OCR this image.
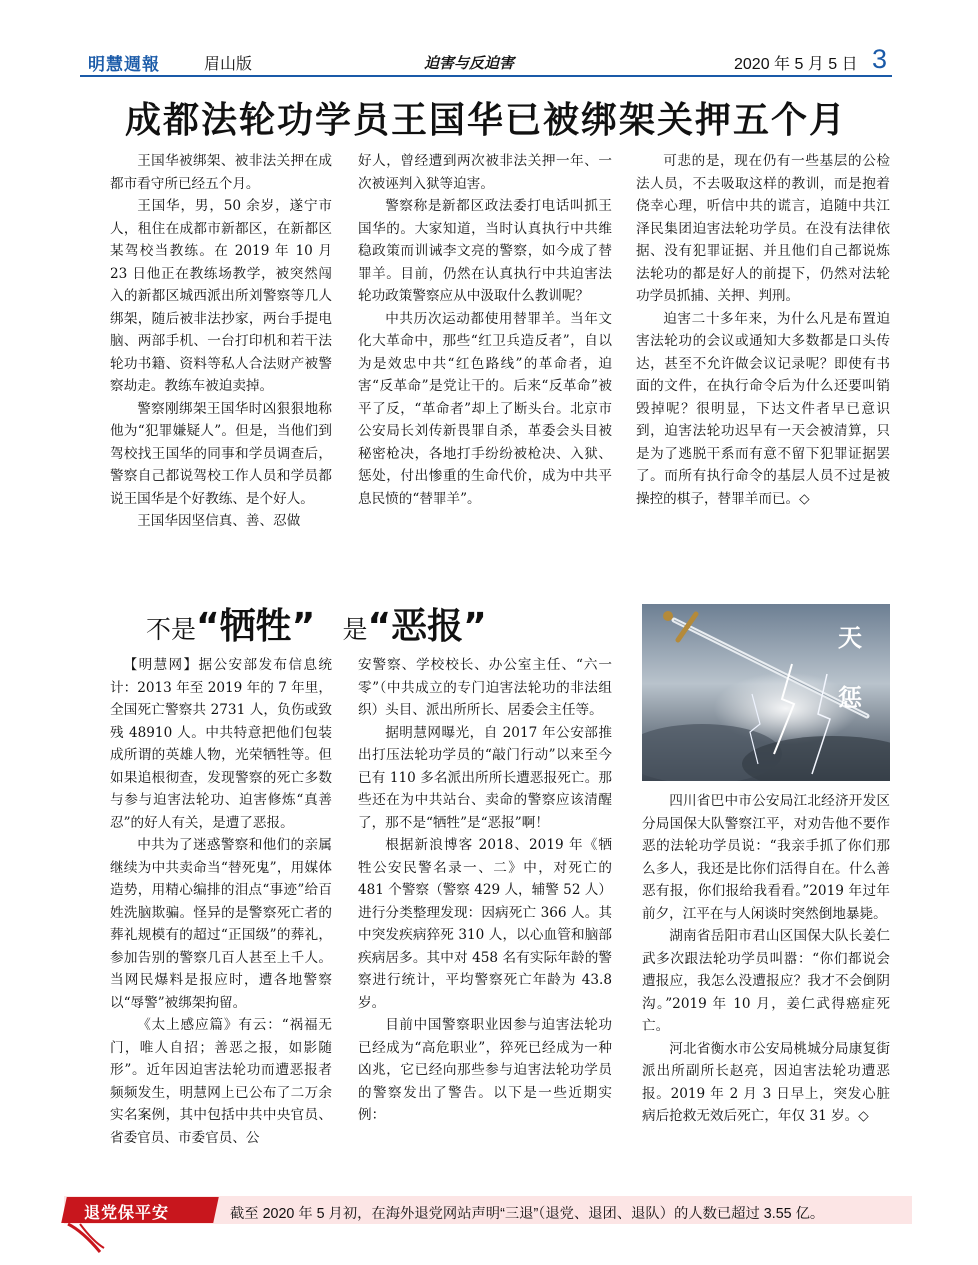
明慧週報	眉山版	迫害与反迫害	2020 年 5 月 5 日 3
成都法轮功学员王国华已被绑架关押五个月

王国华被绑架、被非法关押在成都市看守所已经五个月。

王国华，男，50 余岁，遂宁市人，租住在成都市新都区，在新都区某驾校当教练。在 2019 年 10 月 23 日他正在教练场教学，被突然闯入的新都区城西派出所刘警察等几人绑架，随后被非法抄家，两台手提电脑、两部手机、一台打印机和若干法轮功书籍、资料等私人合法财产被警察劫走。教练车被迫卖掉。

警察刚绑架王国华时凶狠狠地称他为“犯罪嫌疑人”。但是，当他们到驾校找王国华的同事和学员调查后，警察自己都说驾校工作人员和学员都说王国华是个好教练、是个好人。

王国华因坚信真、善、忍做

好人，曾经遭到两次被非法关押一年、一次被诬判入狱等迫害。

警察称是新都区政法委打电话叫抓王国华的。大家知道，当时认真执行中共维稳政策而训诫李文亮的警察，如今成了替罪羊。目前，仍然在认真执行中共迫害法轮功政策警察应从中汲取什么教训呢？

中共历次运动都使用替罪羊。当年文化大革命中，那些“红卫兵造反者”，自以为是效忠中共“红色路线”的革命者，迫害“反革命”是党让干的。后来“反革命”被平了反，“革命者”却上了断头台。北京市公安局长刘传新畏罪自杀，革委会头目被秘密枪决，各地打手纷纷被枪决、入狱、惩处，付出惨重的生命代价，成为中共平息民愤的“替罪羊”。

可悲的是，现在仍有一些基层的公检法人员，不去吸取这样的教训，而是抱着侥幸心理，听信中共的谎言，追随中共江泽民集团迫害法轮功学员。在没有法律依据、没有犯罪证据、并且他们自己都说炼法轮功的都是好人的前提下，仍然对法轮功学员抓捕、关押、判刑。

迫害二十多年来，为什么凡是布置迫害法轮功的会议或通知大多数都是口头传达，甚至不允许做会议记录呢？即使有书面的文件，在执行命令后为什么还要叫销毁掉呢？很明显，下达文件者早已意识到，迫害法轮功迟早有一天会被清算，只是为了逃脱干系而有意不留下犯罪证据罢了。而所有执行命令的基层人员不过是被操控的棋子，替罪羊而已。◇

不是“牺牲” 是“恶报”	天
惩

【明慧网】据公安部发布信息统计：2013 年至 2019 年的 7 年里，全国死亡警察共 2731 人，负伤或致残 48910 人。中共特意把他们包装成所谓的英雄人物，光荣牺牲等。但如果追根彻查，发现警察的死亡多数与参与迫害法轮功、迫害修炼“真善忍”的好人有关，是遭了恶报。

中共为了迷惑警察和他们的亲属继续为中共卖命当“替死鬼”，用媒体造势，用精心编排的泪点“事迹”给百姓洗脑欺骗。怪异的是警察死亡者的葬礼规模有的超过“正国级”的葬礼，参加告别的警察几百人甚至上千人。当网民爆料是报应时，遭各地警察以“辱警”被绑架拘留。

《太上感应篇》有云：“祸福无门，唯人自招；善恶之报，如影随形”。近年因迫害法轮功而遭恶报者频频发生，明慧网上已公布了二万余实名案例，其中包括中共中央官员、省委官员、市委官员、公

安警察、学校校长、办公室主任、“六一零”（中共成立的专门迫害法轮功的非法组织）头目、派出所所长、居委会主任等。

据明慧网曝光，自 2017 年公安部推出打压法轮功学员的“敲门行动”以来至今已有 110 多名派出所所长遭恶报死亡。那些还在为中共站台、卖命的警察应该清醒了，那不是“牺牲”是“恶报”啊！

根据新浪博客 2018、2019 年《牺牲公安民警名录一、二》中，对死亡的 481 个警察（警察 429 人，辅警 52 人）进行分类整理发现：因病死亡 366 人。其中突发疾病猝死 310 人，以心血管和脑部疾病居多。其中对 458 名有实际年龄的警察进行统计，平均警察死亡年龄为 43.8 岁。

目前中国警察职业因参与迫害法轮功已经成为“高危职业”，猝死已经成为一种凶兆，它已经向那些参与迫害法轮功学员的警察发出了警告。以下是一些近期实例：

四川省巴中市公安局江北经济开发区分局国保大队警察江平，对劝告他不要作恶的法轮功学员说：“我亲手抓了你们那么多人，我还是比你们活得自在。什么善恶有报，你们报给我看看。”2019 年过年前夕，江平在与人闲谈时突然倒地暴毙。

湖南省岳阳市君山区国保大队长姜仁武多次跟法轮功学员叫嚣：“你们都说会遭报应，我怎么没遭报应？我才不会倒阴沟。”2019 年 10 月，姜仁武得癌症死亡。

河北省衡水市公安局桃城分局康复街派出所副所长赵亮，因迫害法轮功遭恶报。2019 年 2 月 3 日早上，突发心脏病后抢救无效后死亡，年仅 31 岁。◇

退党保平安	截至 2020 年 5 月初，在海外退党网站声明“三退”（退党、退团、退队）的人数已超过 3.55 亿。
